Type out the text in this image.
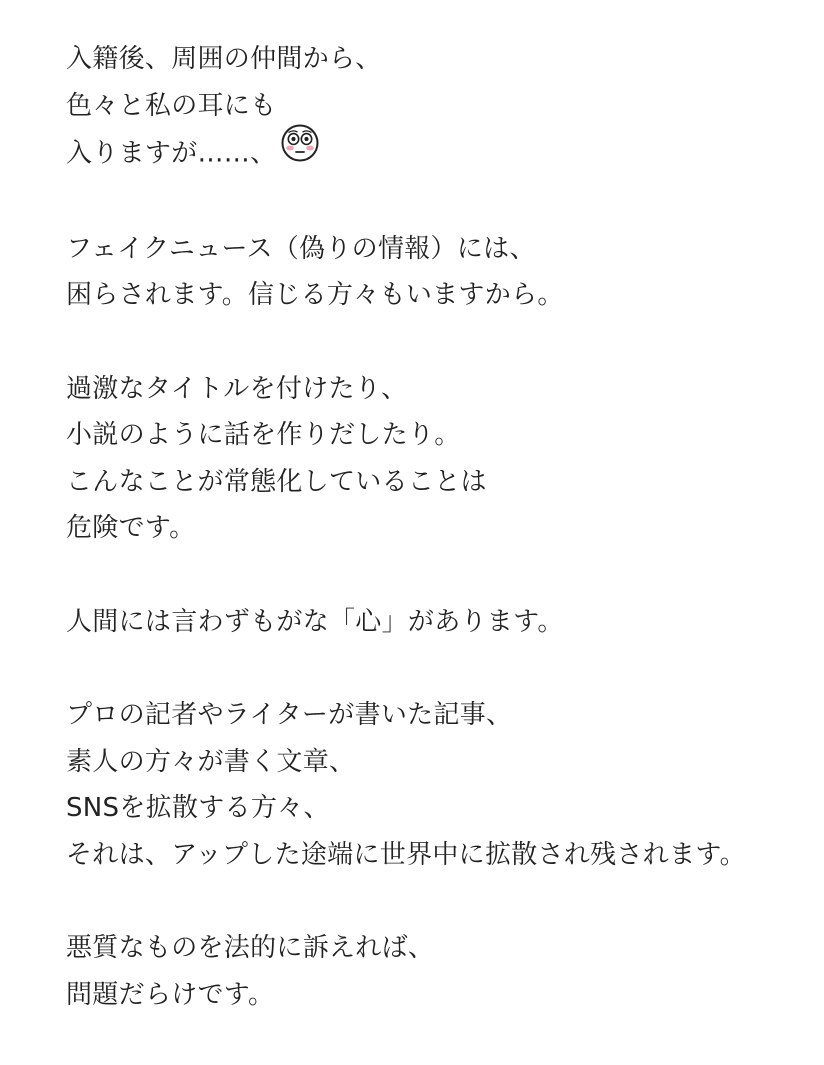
入籍後、周囲の仲間から、
色々と私の耳にも
入りますが……、
フェイクニュース（偽りの情報）には、
困らされます。信じる方々もいますから。
過激なタイトルを付けたり、
小説のように話を作りだしたり。
こんなことが常態化していることは
危険です。
人間には言わずもがな「心」があります。
プロの記者やライターが書いた記事、
素人の方々が書く文章、
SNSを拡散する方々、
それは、アップした途端に世界中に拡散され残されます。
悪質なものを法的に訴えれば、
問題だらけです。
